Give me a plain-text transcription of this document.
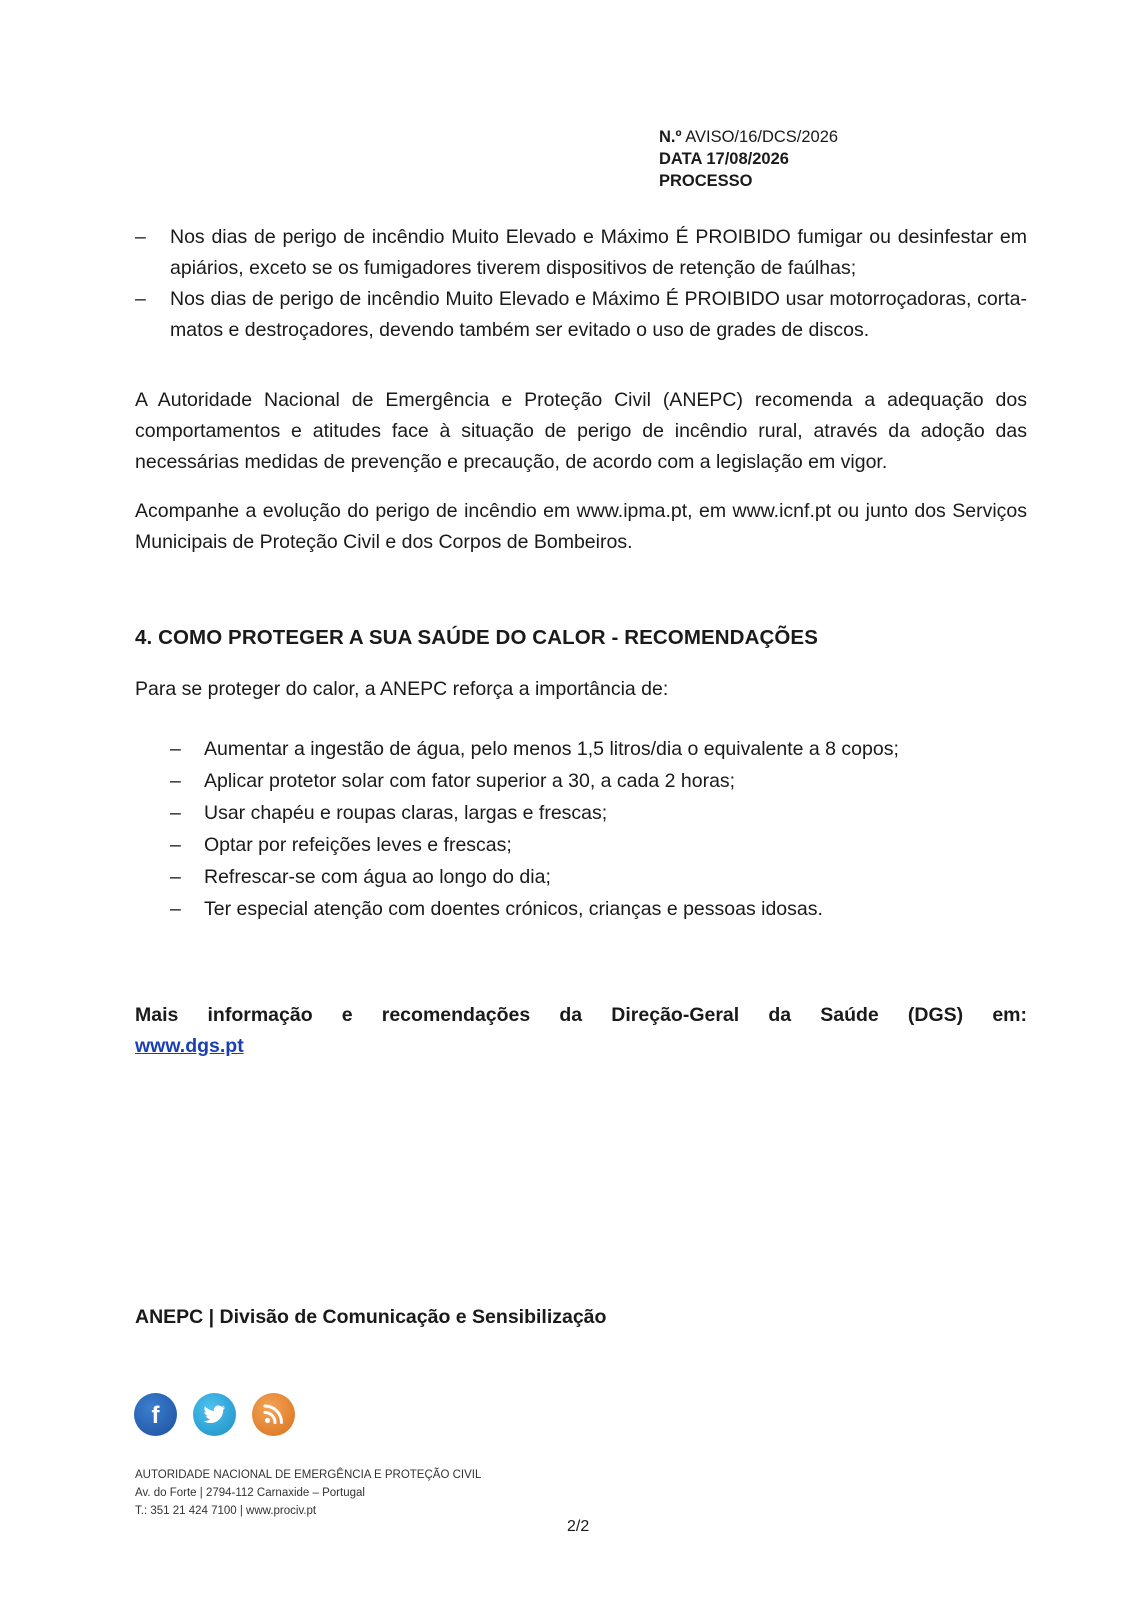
N.º AVISO/16/DCS/2026
DATA 17/08/2026
PROCESSO
– Nos dias de perigo de incêndio Muito Elevado e Máximo É PROIBIDO fumigar ou desinfestar em apiários, exceto se os fumigadores tiverem dispositivos de retenção de faúlhas;
– Nos dias de perigo de incêndio Muito Elevado e Máximo É PROIBIDO usar motorroçadoras, corta-matos e destroçadores, devendo também ser evitado o uso de grades de discos.

A Autoridade Nacional de Emergência e Proteção Civil (ANEPC) recomenda a adequação dos comportamentos e atitudes face à situação de perigo de incêndio rural, através da adoção das necessárias medidas de prevenção e precaução, de acordo com a legislação em vigor.

Acompanhe a evolução do perigo de incêndio em www.ipma.pt, em www.icnf.pt ou junto dos Serviços Municipais de Proteção Civil e dos Corpos de Bombeiros.

4. COMO PROTEGER A SUA SAÚDE DO CALOR - RECOMENDAÇÕES
Para se proteger do calor, a ANEPC reforça a importância de:
– Aumentar a ingestão de água, pelo menos 1,5 litros/dia o equivalente a 8 copos;
– Aplicar protetor solar com fator superior a 30, a cada 2 horas;
– Usar chapéu e roupas claras, largas e frescas;
– Optar por refeições leves e frescas;
– Refrescar-se com água ao longo do dia;
– Ter especial atenção com doentes crónicos, crianças e pessoas idosas.
Mais informação e recomendações da Direção-Geral da Saúde (DGS) em:
www.dgs.pt
ANEPC | Divisão de Comunicação e Sensibilização
f
AUTORIDADE NACIONAL DE EMERGÊNCIA E PROTEÇÃO CIVIL
Av. do Forte | 2794-112 Carnaxide – Portugal
T.: 351 21 424 7100 | www.prociv.pt
2/2
